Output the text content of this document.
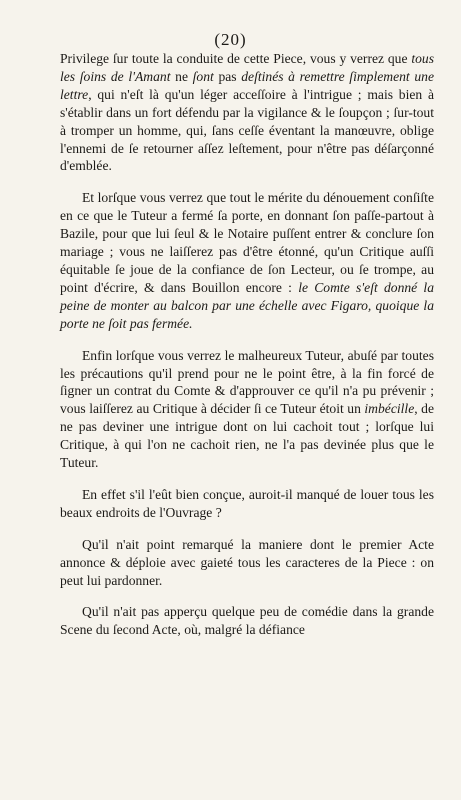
(20)

Privilege ſur toute la conduite de cette Piece, vous y verrez que tous les ſoins de l'Amant ne ſont pas deſtinés à remettre ſimplement une lettre, qui n'eſt là qu'un léger acceſſoire à l'intrigue ; mais bien à s'établir dans un fort défendu par la vigilance & le ſoupçon ; ſur-tout à tromper un homme, qui, ſans ceſſe éventant la manœuvre, oblige l'ennemi de ſe retourner aſſez leſtement, pour n'être pas déſarçonné d'emblée.

Et lorſque vous verrez que tout le mérite du dénouement conſiſte en ce que le Tuteur a fermé ſa porte, en donnant ſon paſſe-partout à Bazile, pour que lui ſeul & le Notaire puſſent entrer & conclure ſon mariage ; vous ne laiſſerez pas d'être étonné, qu'un Critique auſſi équitable ſe joue de la confiance de ſon Lecteur, ou ſe trompe, au point d'écrire, & dans Bouillon encore : le Comte s'eſt donné la peine de monter au balcon par une échelle avec Figaro, quoique la porte ne ſoit pas fermée.

Enfin lorſque vous verrez le malheureux Tuteur, abuſé par toutes les précautions qu'il prend pour ne le point être, à la fin forcé de ſigner un contrat du Comte & d'approuver ce qu'il n'a pu prévenir ; vous laiſſerez au Critique à décider ſi ce Tuteur étoit un imbécille, de ne pas deviner une intrigue dont on lui cachoit tout ; lorſque lui Critique, à qui l'on ne cachoit rien, ne l'a pas devinée plus que le Tuteur.

En effet s'il l'eût bien conçue, auroit-il manqué de louer tous les beaux endroits de l'Ouvrage ?

Qu'il n'ait point remarqué la maniere dont le premier Acte annonce & déploie avec gaieté tous les caracteres de la Piece : on peut lui pardonner.

Qu'il n'ait pas apperçu quelque peu de comédie dans la grande Scene du ſecond Acte, où, malgré la défiance
